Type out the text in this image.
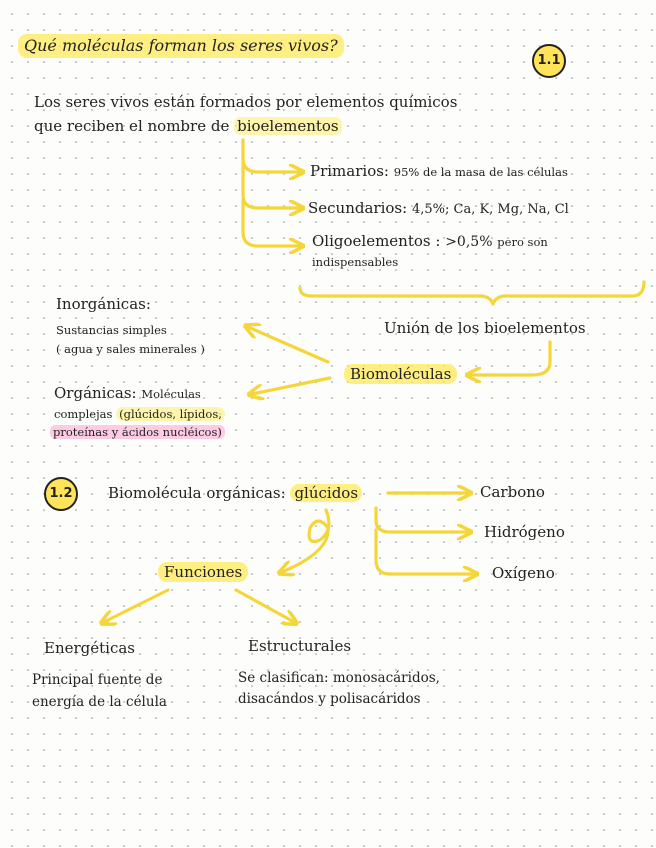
Qué moléculas forman los seres vivos?
1.1
Los seres vivos están formados por elementos químicos
que reciben el nombre de bioelementos
Primarios: 95% de la masa de las células
Secundarios: 4,5%; Ca, K, Mg, Na, Cl
Oligoelementos : >0,5% pero son
indispensables
Unión de los bioelementos
Biomoléculas
Inorgánicas:
Sustancias simples
( agua y sales minerales )
Orgánicas: Moléculas
complejas (glúcidos, lípidos,
proteínas y ácidos nucléicos)
1.2	Biomolécula orgánicas: glúcidos	Carbono
Hidrógeno
Oxígeno
Funciones
Energéticas
Principal fuente de
energía de la célula
Estructurales
Se clasifican: monosacáridos,
disacándos y polisacáridos
